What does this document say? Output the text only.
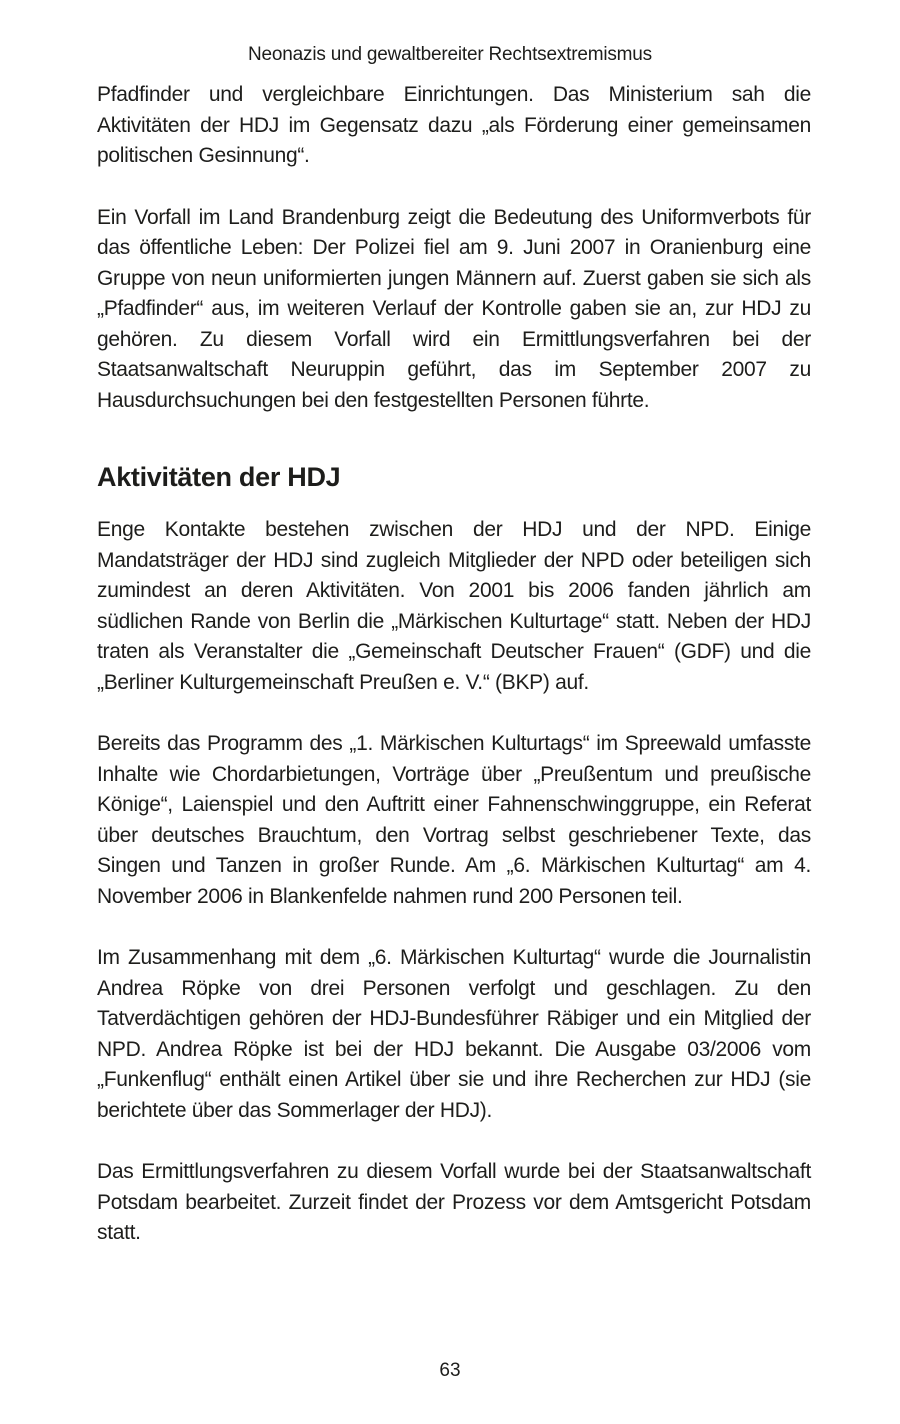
Neonazis und gewaltbereiter Rechtsextremismus

Pfadfinder und vergleichbare Einrichtungen. Das Ministerium sah die Aktivitäten der HDJ im Gegensatz dazu „als Förderung einer gemeinsamen politischen Gesinnung“.

Ein Vorfall im Land Brandenburg zeigt die Bedeutung des Uniformverbots für das öffentliche Leben: Der Polizei fiel am 9. Juni 2007 in Oranienburg eine Gruppe von neun uniformierten jungen Männern auf. Zuerst gaben sie sich als „Pfadfinder“ aus, im weiteren Verlauf der Kontrolle gaben sie an, zur HDJ zu gehören. Zu diesem Vorfall wird ein Ermittlungsverfahren bei der Staatsanwaltschaft Neuruppin geführt, das im September 2007 zu Hausdurchsuchungen bei den festgestellten Personen führte.

Aktivitäten der HDJ

Enge Kontakte bestehen zwischen der HDJ und der NPD. Einige Mandatsträger der HDJ sind zugleich Mitglieder der NPD oder beteiligen sich zumindest an deren Aktivitäten. Von 2001 bis 2006 fanden jährlich am südlichen Rande von Berlin die „Märkischen Kulturtage“ statt. Neben der HDJ traten als Veranstalter die „Gemeinschaft Deutscher Frauen“ (GDF) und die „Berliner Kulturgemeinschaft Preußen e. V.“ (BKP) auf.

Bereits das Programm des „1. Märkischen Kulturtags“ im Spreewald umfasste Inhalte wie Chordarbietungen, Vorträge über „Preußentum und preußische Könige“, Laienspiel und den Auftritt einer Fahnenschwinggruppe, ein Referat über deutsches Brauchtum, den Vortrag selbst geschriebener Texte, das Singen und Tanzen in großer Runde. Am „6. Märkischen Kulturtag“ am 4. November 2006 in Blankenfelde nahmen rund 200 Personen teil.

Im Zusammenhang mit dem „6. Märkischen Kulturtag“ wurde die Journalistin Andrea Röpke von drei Personen verfolgt und geschlagen. Zu den Tatverdächtigen gehören der HDJ-Bundesführer Räbiger und ein Mitglied der NPD. Andrea Röpke ist bei der HDJ bekannt. Die Ausgabe 03/2006 vom „Funkenflug“ enthält einen Artikel über sie und ihre Recherchen zur HDJ (sie berichtete über das Sommerlager der HDJ).

Das Ermittlungsverfahren zu diesem Vorfall wurde bei der Staatsanwaltschaft Potsdam bearbeitet. Zurzeit findet der Prozess vor dem Amtsgericht Potsdam statt.

63
